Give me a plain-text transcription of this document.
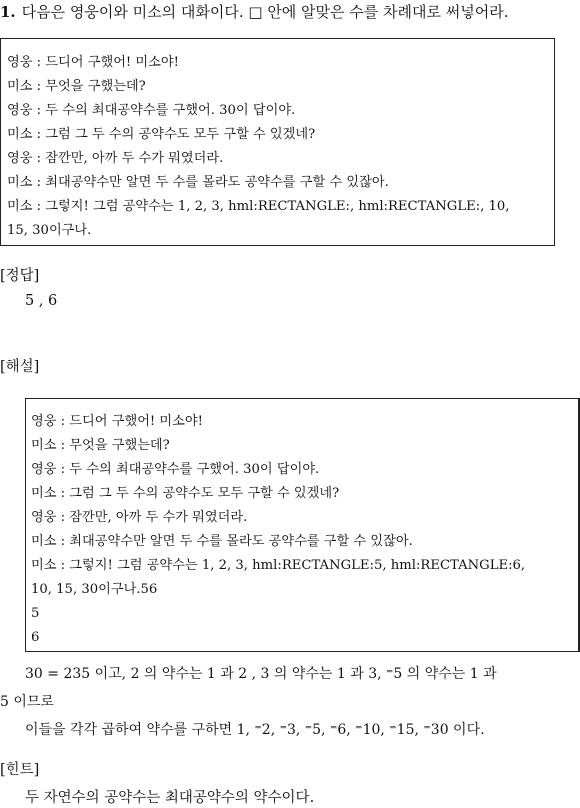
1. 다음은 영웅이와 미소의 대화이다. □ 안에 알맞은 수를 차례대로 써넣어라.
영웅 : 드디어 구했어! 미소야!
미소 : 무엇을 구했는데?
영웅 : 두 수의 최대공약수를 구했어. 30이 답이야.
미소 : 그럼 그 두 수의 공약수도 모두 구할 수 있겠네?
영웅 : 잠깐만, 아까 두 수가 뭐였더라.
미소 : 최대공약수만 알면 두 수를 몰라도 공약수를 구할 수 있잖아.
미소 : 그렇지! 그럼 공약수는 1, 2, 3, hml:RECTANGLE:, hml:RECTANGLE:, 10,
15, 30이구나.
[정답]
5 , 6
[해설]
영웅 : 드디어 구했어! 미소야!
미소 : 무엇을 구했는데?
영웅 : 두 수의 최대공약수를 구했어. 30이 답이야.
미소 : 그럼 그 두 수의 공약수도 모두 구할 수 있겠네?
영웅 : 잠깐만, 아까 두 수가 뭐였더라.
미소 : 최대공약수만 알면 두 수를 몰라도 공약수를 구할 수 있잖아.
미소 : 그렇지! 그럼 공약수는 1, 2, 3, hml:RECTANGLE:5, hml:RECTANGLE:6,
10, 15, 30이구나.56
5
6
30 = 235 이고, 2 의 약수는 1 과 2 , 3 의 약수는 1 과 3, ⁼5 의 약수는 1 과
5 이므로
이들을 각각 곱하여 약수를 구하면 1, ⁼2, ⁼3, ⁼5, ⁼6, ⁼10, ⁼15, ⁼30 이다.
[힌트]
두 자연수의 공약수는 최대공약수의 약수이다.
